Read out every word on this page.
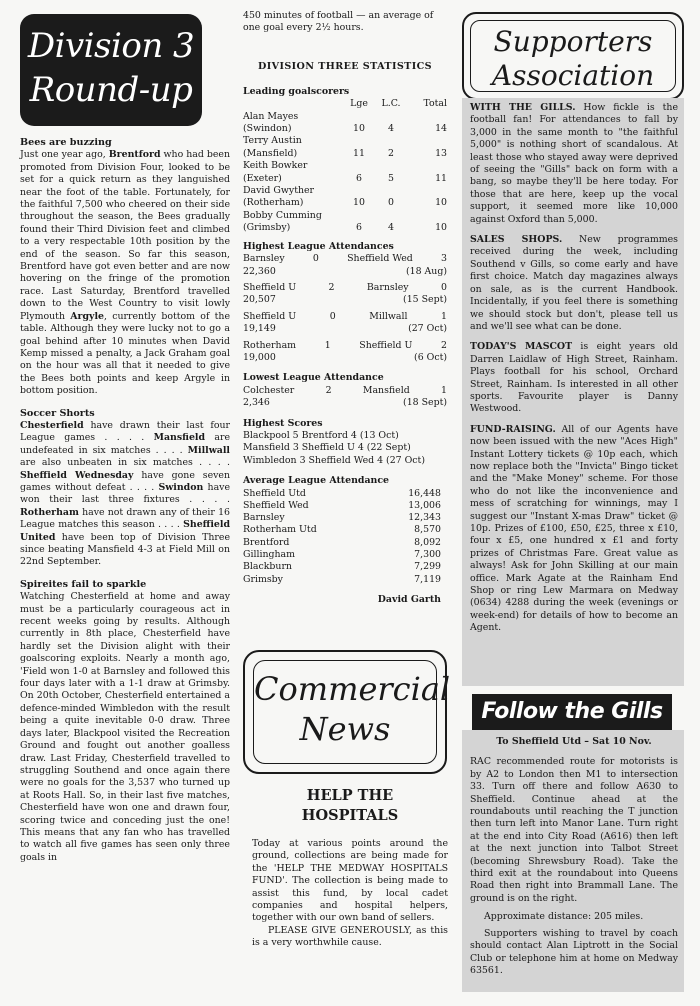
Division 3
Round-up
Bees are buzzing

Just one year ago, Brentford who had been promoted from Division Four, looked to be set for a quick return as they languished near the foot of the table. Fortunately, for the faithful 7,500 who cheered on their side throughout the season, the Bees gradually found their Third Division feet and climbed to a very respectable 10th position by the end of the season. So far this season, Brentford have got even better and are now hovering on the fringe of the promotion race. Last Saturday, Brentford travelled down to the West Country to visit lowly Plymouth Argyle, currently bottom of the table. Although they were lucky not to go a goal behind after 10 minutes when David Kemp missed a penalty, a Jack Graham goal on the hour was all that it needed to give the Bees both points and keep Argyle in bottom position.

Soccer Shorts

Chesterfield have drawn their last four League games . . . . Mansfield are undefeated in six matches . . . . Millwall are also unbeaten in six matches . . . . Sheffield Wednesday have gone seven games without defeat . . . . Swindon have won their last three fixtures . . . . Rotherham have not drawn any of their 16 League matches this season . . . . Sheffield United have been top of Division Three since beating Mansfield 4-3 at Field Mill on 22nd September.

Spireites fail to sparkle

Watching Chesterfield at home and away must be a particularly courageous act in recent weeks going by results. Although currently in 8th place, Chesterfield have hardly set the Division alight with their goalscoring exploits. Nearly a month ago, 'Field won 1-0 at Barnsley and followed this four days later with a 1-1 draw at Grimsby. On 20th October, Chesterfield entertained a defence-minded Wimbledon with the result being a quite inevitable 0-0 draw. Three days later, Blackpool visited the Recreation Ground and fought out another goalless draw. Last Friday, Chesterfield travelled to struggling Southend and once again there were no goals for the 3,537 who turned up at Roots Hall. So, in their last five matches, Chesterfield have won one and drawn four, scoring twice and conceding just the one! This means that any fan who has travelled to watch all five games has seen only three goals in

450 minutes of football — an average of one goal every 2½ hours.

DIVISION THREE STATISTICS
Leading goalscorers
Lge	L.C.	Total
Alan Mayes
(Swindon)	10	4	14
Terry Austin
(Mansfield)	11	2	13
Keith Bowker
(Exeter)	6	5	11
David Gwyther
(Rotherham)	10	0	10
Bobby Cumming
(Grimsby)	6	4	10
Highest League Attendances
Barnsley	0	Sheffield Wed	3
22,360	(18 Aug)
Sheffield U	2	Barnsley	0
20,507	(15 Sept)
Sheffield U	0	Millwall	1
19,149	(27 Oct)
Rotherham	1	Sheffield U	2
19,000	(6 Oct)
Lowest League Attendance
Colchester	2	Mansfield	1
2,346	(18 Sept)
Highest Scores
Blackpool 5 Brentford 4 (13 Oct)
Mansfield 3 Sheffield U 4 (22 Sept)
Wimbledon 3 Sheffield Wed 4 (27 Oct)
Average League Attendance
Sheffield Utd	16,448
Sheffield Wed	13,006
Barnsley	12,343
Rotherham Utd	8,570
Brentford	8,092
Gillingham	7,300
Blackburn	7,299
Grimsby	7,119
David Garth
Commercial
News
HELP THE
HOSPITALS

Today at various points around the ground, collections are being made for the 'HELP THE MEDWAY HOSPITALS FUND'. The collection is being made to assist this fund, by local cadet companies and hospital helpers, together with our own band of sellers.

PLEASE GIVE GENEROUSLY, as this is a very worthwhile cause.

Supporters
Association

WITH THE GILLS. How fickle is the football fan! For attendances to fall by 3,000 in the same month to "the faithful 5,000" is nothing short of scandalous. At least those who stayed away were deprived of seeing the "Gills" back on form with a bang, so maybe they'll be here today. For those that are here, keep up the vocal support, it seemed more like 10,000 against Oxford than 5,000.

SALES SHOPS. New programmes received during the week, including Southend v Gills, so come early and have first choice. Match day magazines always on sale, as is the current Handbook. Incidentally, if you feel there is something we should stock but don't, please tell us and we'll see what can be done.

TODAY'S MASCOT is eight years old Darren Laidlaw of High Street, Rainham. Plays football for his school, Orchard Street, Rainham. Is interested in all other sports. Favourite player is Danny Westwood.

FUND-RAISING. All of our Agents have now been issued with the new "Aces High" Instant Lottery tickets @ 10p each, which now replace both the "Invicta" Bingo ticket and the "Make Money" scheme. For those who do not like the inconvenience and mess of scratching for winnings, may I suggest our "Instant X-mas Draw" ticket @ 10p. Prizes of £100, £50, £25, three x £10, four x £5, one hundred x £1 and forty prizes of Christmas Fare. Great value as always! Ask for John Skilling at our main office. Mark Agate at the Rainham End Shop or ring Lew Marmara on Medway (0634) 4288 during the week (evenings or week-end) for details of how to become an Agent.

Follow the Gills
To Sheffield Utd – Sat 10 Nov.

RAC recommended route for motorists is by A2 to London then M1 to intersection 33. Turn off there and follow A630 to Sheffield. Continue ahead at the roundabouts until reaching the T junction then turn left into Manor Lane. Turn right at the end into City Road (A616) then left at the next junction into Talbot Street (becoming Shrewsbury Road). Take the third exit at the roundabout into Queens Road then right into Brammall Lane. The ground is on the right.

Approximate distance: 205 miles.

Supporters wishing to travel by coach should contact Alan Liptrott in the Social Club or telephone him at home on Medway 63561.
